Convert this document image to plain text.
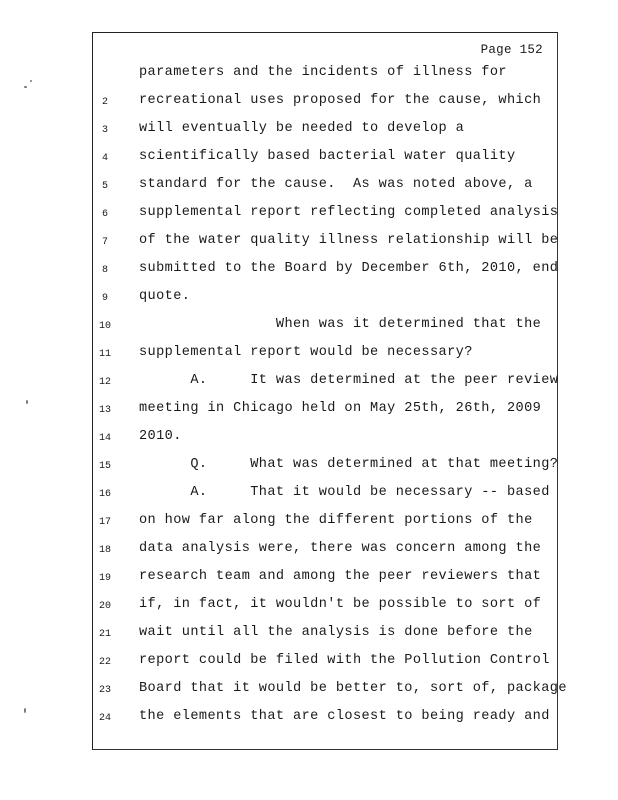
Page 152
parameters and the incidents of illness for
2	recreational uses proposed for the cause, which
3	will eventually be needed to develop a
4	scientifically based bacterial water quality
5	standard for the cause.  As was noted above, a
6	supplemental report reflecting completed analysis
7	of the water quality illness relationship will be
8	submitted to the Board by December 6th, 2010, end
9	quote.
10	When was it determined that the
11	supplemental report would be necessary?
12	A.     It was determined at the peer review
13	meeting in Chicago held on May 25th, 26th, 2009
14	2010.
15	Q.     What was determined at that meeting?
16	A.     That it would be necessary -- based
17	on how far along the different portions of the
18	data analysis were, there was concern among the
19	research team and among the peer reviewers that
20	if, in fact, it wouldn't be possible to sort of
21	wait until all the analysis is done before the
22	report could be filed with the Pollution Control
23	Board that it would be better to, sort of, package
24	the elements that are closest to being ready and
